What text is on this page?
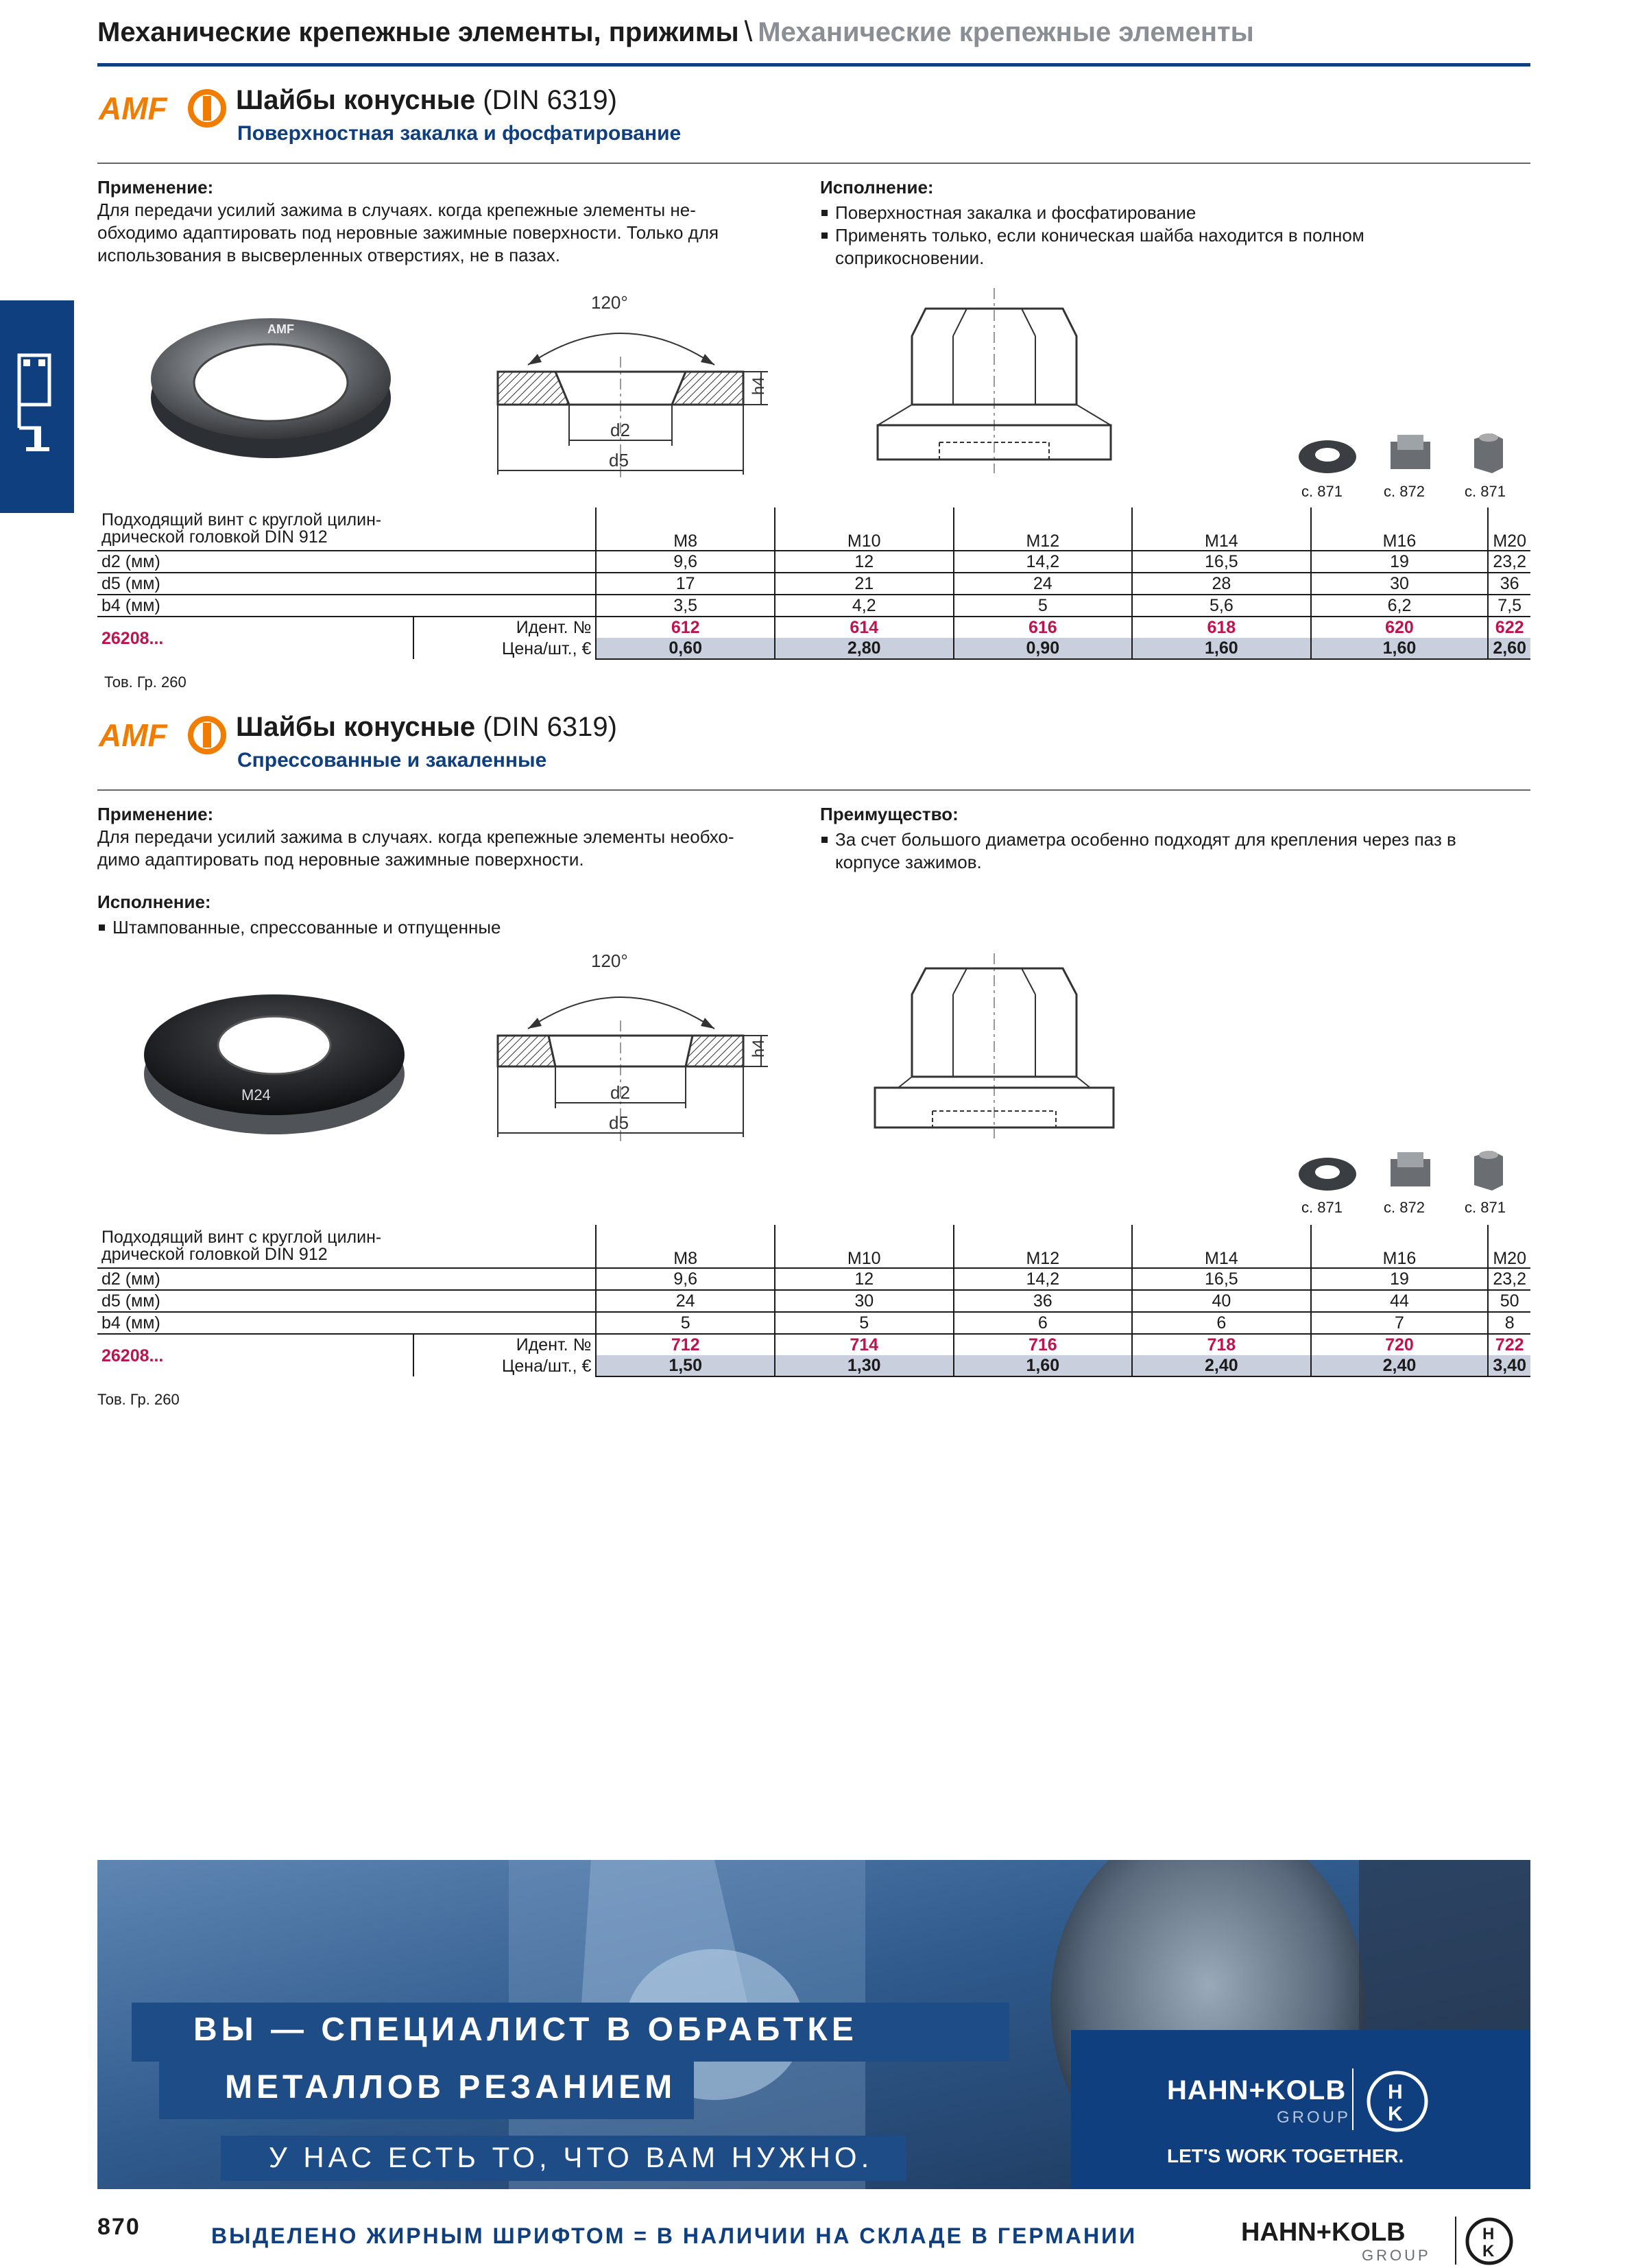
Механические крепежные элементы, прижимы \ Механические крепежные элементы
AMF	Шайбы конусные (DIN 6319)
Поверхностная закалка и фосфатирование
Применение:
Для передачи усилий зажима в случаях. когда крепежные элементы не-
обходимо адаптировать под неровные зажимные поверхности. Только для
использования в высверленных отверстиях, не в пазах.
Исполнение:
Поверхностная закалка и фосфатирование
Применять только, если коническая шайба находится в полном
соприкосновении.
AMF
120°
h4
d2
d5
с. 871	с. 872	с. 871
Подходящий винт с круглой цилин-
дрической головкой DIN 912		M8	M10	M12	M14	M16	M20
d2 (мм)		9,6	12	14,2	16,5	19	23,2
d5 (мм)		17	21	24	28	30	36
b4 (мм)		3,5	4,2	5	5,6	6,2	7,5
26208...	Идент. №	612	614	616	618	620	622
	Цена/шт., €	0,60	2,80	0,90	1,60	1,60	2,60
Тов. Гр. 260
AMF	Шайбы конусные (DIN 6319)
Спрессованные и закаленные
Применение:
Для передачи усилий зажима в случаях. когда крепежные элементы необхо-
димо адаптировать под неровные зажимные поверхности.
Исполнение:
Штампованные, спрессованные и отпущенные
Преимущество:
За счет большого диаметра особенно подходят для крепления через паз в
корпусе зажимов.
M24
120°
h4
d2
d5
с. 871	с. 872	с. 871
Подходящий винт с круглой цилин-
дрической головкой DIN 912		M8	M10	M12	M14	M16	M20
d2 (мм)		9,6	12	14,2	16,5	19	23,2
d5 (мм)		24	30	36	40	44	50
b4 (мм)		5	5	6	6	7	8
26208...	Идент. №	712	714	716	718	720	722
	Цена/шт., €	1,50	1,30	1,60	2,40	2,40	3,40
Тов. Гр. 260
ВЫ — СПЕЦИАЛИСТ В ОБРАБТКЕ
МЕТАЛЛОВ РЕЗАНИЕМ
У НАС ЕСТЬ ТО, ЧТО ВАМ НУЖНО.
HAHN+KOLB
GROUP
H
K
LET'S WORK TOGETHER.
870	ВЫДЕЛЕНО ЖИРНЫМ ШРИФТОМ = В НАЛИЧИИ НА СКЛАДЕ В ГЕРМАНИИ	HAHN+KOLB
GROUP
H
K
